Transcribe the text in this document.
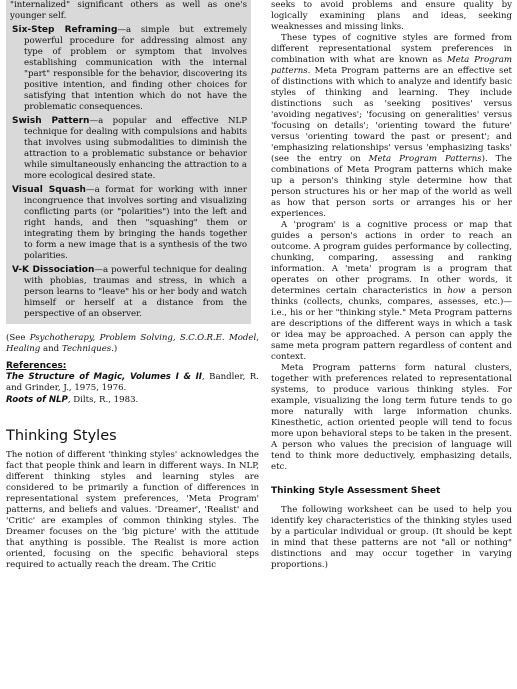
"internalized" significant others as well as one's younger self.

Six-Step Reframing—a simple but extremely powerful procedure for addressing almost any type of problem or symptom that involves establishing communication with the internal "part" responsible for the behavior, discovering its positive intention, and finding other choices for satisfying that intention which do not have the problematic consequences.

Swish Pattern—a popular and effective NLP technique for dealing with compulsions and habits that involves using submodalities to diminish the attraction to a problematic substance or behavior while simultaneously enhancing the attraction to a more ecological desired state.

Visual Squash—a format for working with inner incongruence that involves sorting and visualizing conflicting parts (or "polarities") into the left and right hands, and then "squashing" them or integrating them by bringing the hands together to form a new image that is a synthesis of the two polarities.

V-K Dissociation—a powerful technique for dealing with phobias, traumas and stress, in which a person learns to "leave" his or her body and watch himself or herself at a distance from the perspective of an observer.

(See Psychotherapy, Problem Solving, S.C.O.R.E. Model, Healing and Techniques.)

References:

The Structure of Magic, Volumes I & II, Bandler, R. and Grinder, J., 1975, 1976.

Roots of NLP, Dilts, R., 1983.

Thinking Styles

The notion of different 'thinking styles' acknowledges the fact that people think and learn in different ways. In NLP, different thinking styles and learning styles are considered to be primarily a function of differences in representational system preferences, 'Meta Program' patterns, and beliefs and values. 'Dreamer', 'Realist' and 'Critic' are examples of common thinking styles. The Dreamer focuses on the 'big picture' with the attitude that anything is possible. The Realist is more action oriented, focusing on the specific behavioral steps required to actually reach the dream. The Critic

seeks to avoid problems and ensure quality by logically examining plans and ideas, seeking weaknesses and missing links.

These types of cognitive styles are formed from different representational system preferences in combination with what are known as Meta Program patterns. Meta Program patterns are an effective set of distinctions with which to analyze and identify basic styles of thinking and learning. They include distinctions such as 'seeking positives' versus 'avoiding negatives'; 'focusing on generalities' versus 'focusing on details'; 'orienting toward the future' versus 'orienting toward the past or present'; and 'emphasizing relationships' versus 'emphasizing tasks' (see the entry on Meta Program Patterns). The combinations of Meta Program patterns which make up a person's thinking style determine how that person structures his or her map of the world as well as how that person sorts or arranges his or her experiences.

A 'program' is a cognitive process or map that guides a person's actions in order to reach an outcome. A program guides performance by collecting, chunking, comparing, assessing and ranking information. A 'meta' program is a program that operates on other programs. In other words, it determines certain characteristics in how a person thinks (collects, chunks, compares, assesses, etc.)—i.e., his or her "thinking style." Meta Program patterns are descriptions of the different ways in which a task or idea may be approached. A person can apply the same meta program pattern regardless of content and context.

Meta Program patterns form natural clusters, together with preferences related to representational systems, to produce various thinking styles. For example, visualizing the long term future tends to go more naturally with large information chunks. Kinesthetic, action oriented people will tend to focus more upon behavioral steps to be taken in the present. A person who values the precision of language will tend to think more deductively, emphasizing details, etc.

Thinking Style Assessment Sheet

The following worksheet can be used to help you identify key characteristics of the thinking styles used by a particular individual or group. (It should be kept in mind that these patterns are not "all or nothing" distinctions and may occur together in varying proportions.)
